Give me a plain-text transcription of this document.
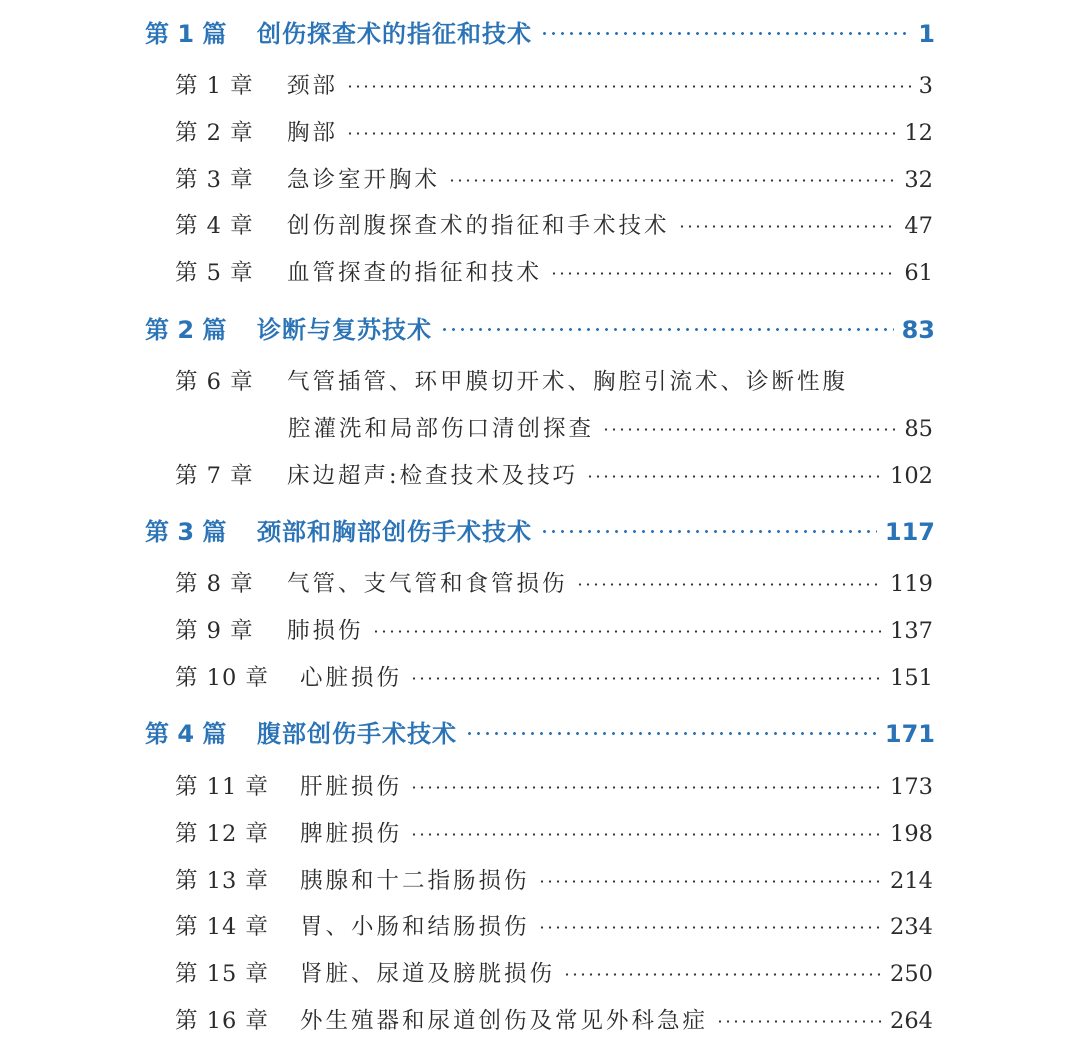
第 1 篇	创伤探查术的指征和技术	1
第 1 章	颈部	3
第 2 章	胸部	12
第 3 章	急诊室开胸术	32
第 4 章	创伤剖腹探查术的指征和手术技术	47
第 5 章	血管探查的指征和技术	61
第 2 篇	诊断与复苏技术	83
第 6 章	气管插管、环甲膜切开术、胸腔引流术、诊断性腹
腔灌洗和局部伤口清创探查	85
第 7 章	床边超声:检查技术及技巧	102
第 3 篇	颈部和胸部创伤手术技术	117
第 8 章	气管、支气管和食管损伤	119
第 9 章	肺损伤	137
第 10 章	心脏损伤	151
第 4 篇	腹部创伤手术技术	171
第 11 章	肝脏损伤	173
第 12 章	脾脏损伤	198
第 13 章	胰腺和十二指肠损伤	214
第 14 章	胃、小肠和结肠损伤	234
第 15 章	肾脏、尿道及膀胱损伤	250
第 16 章	外生殖器和尿道创伤及常见外科急症	264
